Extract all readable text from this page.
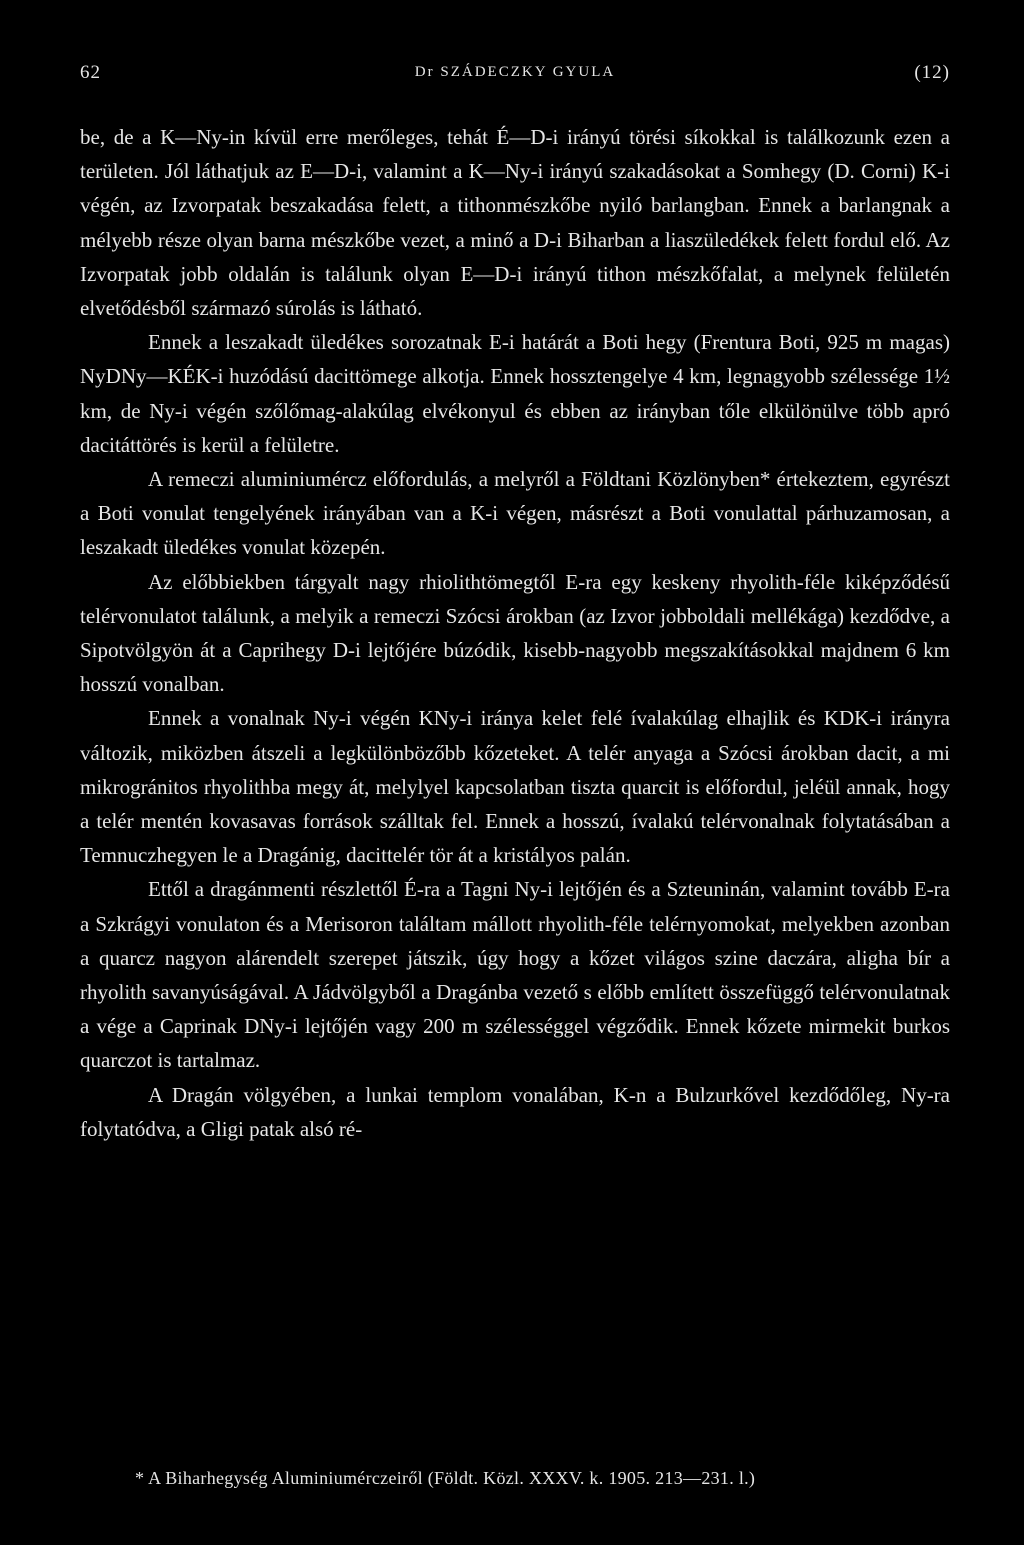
62	Dr SZÁDECZKY GYULA	(12)

be, de a K—Ny-in kívül erre merőleges, tehát É—D-i irányú törési síkokkal is találkozunk ezen a területen. Jól láthatjuk az E—D-i, valamint a K—Ny-i irányú szakadásokat a Somhegy (D. Corni) K-i végén, az Izvorpatak beszakadása felett, a tithonmészkőbe nyiló barlangban. Ennek a barlangnak a mélyebb része olyan barna mészkőbe vezet, a minő a D-i Biharban a liaszüledékek felett fordul elő. Az Izvorpatak jobb oldalán is találunk olyan E—D-i irányú tithon mészkőfalat, a melynek felületén elvetődésből származó súrolás is látható.

Ennek a leszakadt üledékes sorozatnak E-i határát a Boti hegy (Frentura Boti, 925 m magas) NyDNy—KÉK-i huzódású dacittömege alkotja. Ennek hossztengelye 4 km, legnagyobb szélessége 1½ km, de Ny-i végén szőlőmag-alakúlag elvékonyul és ebben az irányban tőle elkülönülve több apró dacitáttörés is kerül a felületre.

A remeczi aluminiumércz előfordulás, a melyről a Földtani Közlönyben* értekeztem, egyrészt a Boti vonulat tengelyének irányában van a K-i végen, másrészt a Boti vonulattal párhuzamosan, a leszakadt üledékes vonulat közepén.

Az előbbiekben tárgyalt nagy rhiolithtömegtől E-ra egy keskeny rhyolith-féle kiképződésű telérvonulatot találunk, a melyik a remeczi Szócsi árokban (az Izvor jobboldali mellékága) kezdődve, a Sipotvölgyön át a Caprihegy D-i lejtőjére búzódik, kisebb-nagyobb megszakításokkal majdnem 6 km hosszú vonalban.

Ennek a vonalnak Ny-i végén KNy-i iránya kelet felé ívalakúlag elhajlik és KDK-i irányra változik, miközben átszeli a legkülönbözőbb kőzeteket. A telér anyaga a Szócsi árokban dacit, a mi mikrogránitos rhyolithba megy át, melylyel kapcsolatban tiszta quarcit is előfordul, jeléül annak, hogy a telér mentén kovasavas források szálltak fel. Ennek a hosszú, ívalakú telérvonalnak folytatásában a Temnuczhegyen le a Dragánig, dacittelér tör át a kristályos palán.

Ettől a dragánmenti részlettől É-ra a Tagni Ny-i lejtőjén és a Szteuninán, valamint tovább E-ra a Szkrágyi vonulaton és a Merisoron találtam mállott rhyolith-féle telérnyomokat, melyekben azonban a quarcz nagyon alárendelt szerepet játszik, úgy hogy a kőzet világos szine daczára, aligha bír a rhyolith savanyúságával. A Jádvölgyből a Dragánba vezető s előbb említett összefüggő telérvonulatnak a vége a Caprinak DNy-i lejtőjén vagy 200 m szélességgel végződik. Ennek kőzete mirmekit burkos quarczot is tartalmaz.

A Dragán völgyében, a lunkai templom vonalában, K-n a Bulzurkővel kezdődőleg, Ny-ra folytatódva, a Gligi patak alsó ré-

* A Biharhegység Aluminiumérczeiről (Földt. Közl. XXXV. k. 1905. 213—231. l.)
